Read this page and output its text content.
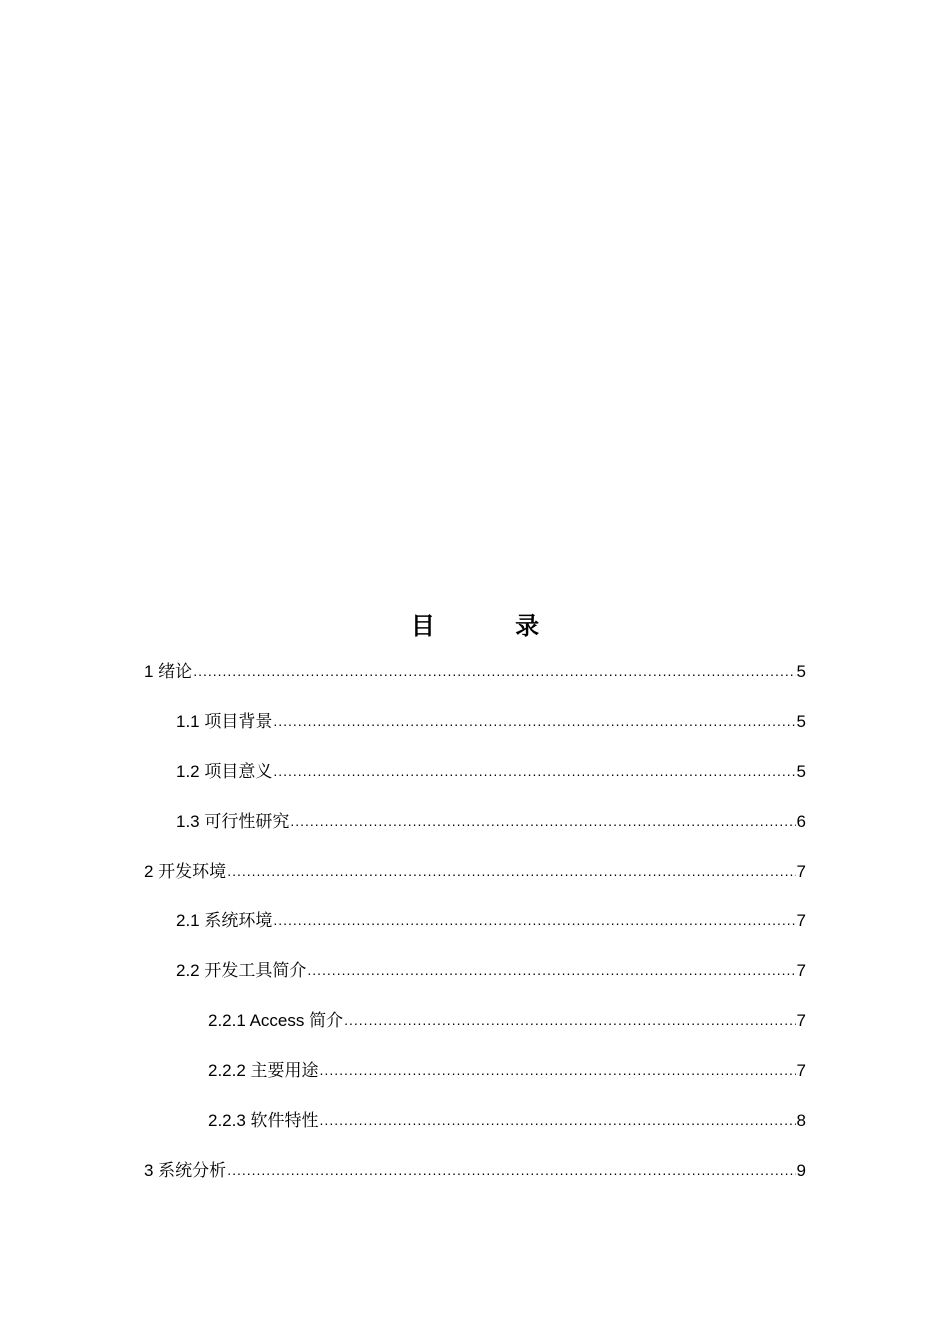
目 录
1 绪论 .....	5
1.1 项目背景 .....	5
1.2 项目意义 .....	5
1.3 可行性研究 .....	6
2 开发环境 .....	7
2.1 系统环境 .....	7
2.2 开发工具简介 .....	7
2.2.1 Access 简介 .....	7
2.2.2 主要用途 .....	7
2.2.3 软件特性 .....	8
3 系统分析 .....	9
